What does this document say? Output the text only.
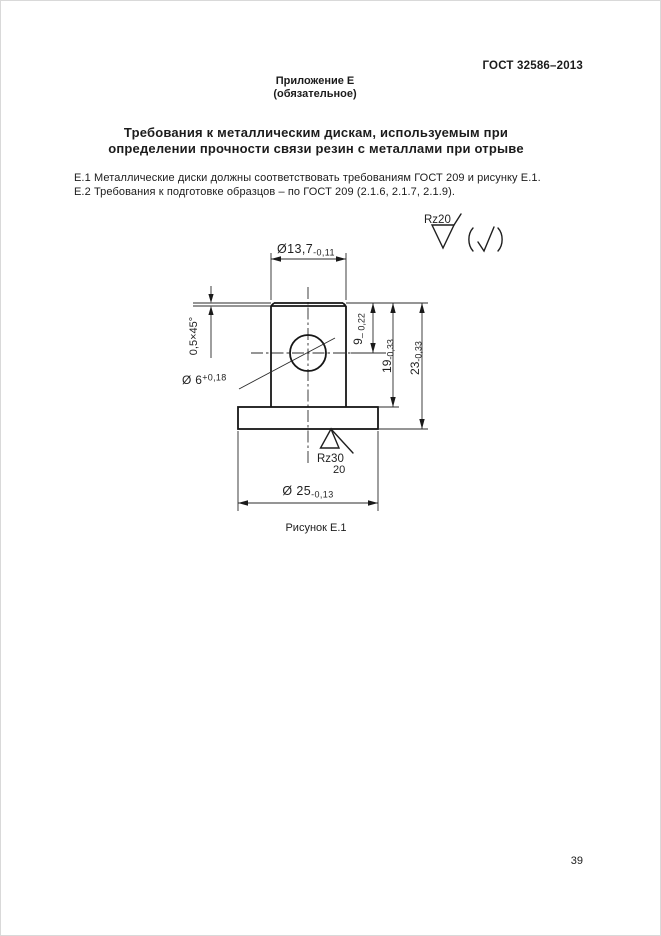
ГОСТ 32586–2013
Приложение Е
(обязательное)
Требования к металлическим дискам, используемым при
определении прочности связи резин с металлами при отрыве
Е.1 Металлические диски должны соответствовать требованиям ГОСТ 209 и рисунку Е.1.
Е.2 Требования к подготовке образцов – по ГОСТ 209 (2.1.6, 2.1.7, 2.1.9).
$Ø13,7_{-0,11}$
0,5×45°
Ø $6^{+0,18}$
$9_{- 0,22}$
$19_{-0,33}$
$23_{-0,33}$
Ø $25_{-0,13}$
Rz30
20
Rz20
Рисунок Е.1
39
